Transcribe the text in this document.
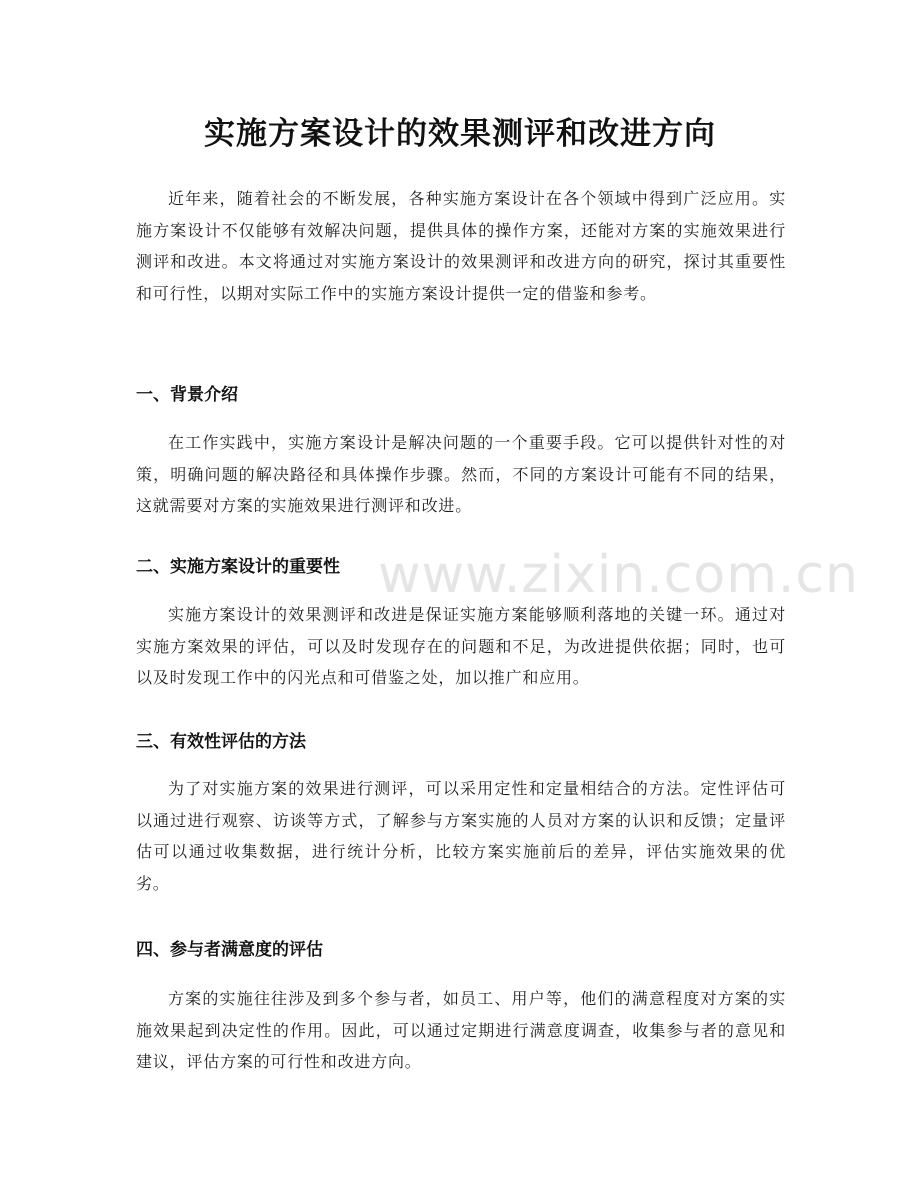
实施方案设计的效果测评和改进方向

近年来，随着社会的不断发展，各种实施方案设计在各个领域中得到广泛应用。实施方案设计不仅能够有效解决问题，提供具体的操作方案，还能对方案的实施效果进行测评和改进。本文将通过对实施方案设计的效果测评和改进方向的研究，探讨其重要性和可行性，以期对实际工作中的实施方案设计提供一定的借鉴和参考。

一、背景介绍

在工作实践中，实施方案设计是解决问题的一个重要手段。它可以提供针对性的对策，明确问题的解决路径和具体操作步骤。然而，不同的方案设计可能有不同的结果，这就需要对方案的实施效果进行测评和改进。

二、实施方案设计的重要性

实施方案设计的效果测评和改进是保证实施方案能够顺利落地的关键一环。通过对实施方案效果的评估，可以及时发现存在的问题和不足，为改进提供依据；同时，也可以及时发现工作中的闪光点和可借鉴之处，加以推广和应用。

三、有效性评估的方法

为了对实施方案的效果进行测评，可以采用定性和定量相结合的方法。定性评估可以通过进行观察、访谈等方式，了解参与方案实施的人员对方案的认识和反馈；定量评估可以通过收集数据，进行统计分析，比较方案实施前后的差异，评估实施效果的优劣。

四、参与者满意度的评估

方案的实施往往涉及到多个参与者，如员工、用户等，他们的满意程度对方案的实施效果起到决定性的作用。因此，可以通过定期进行满意度调查，收集参与者的意见和建议，评估方案的可行性和改进方向。

www.zixin.com.cn
